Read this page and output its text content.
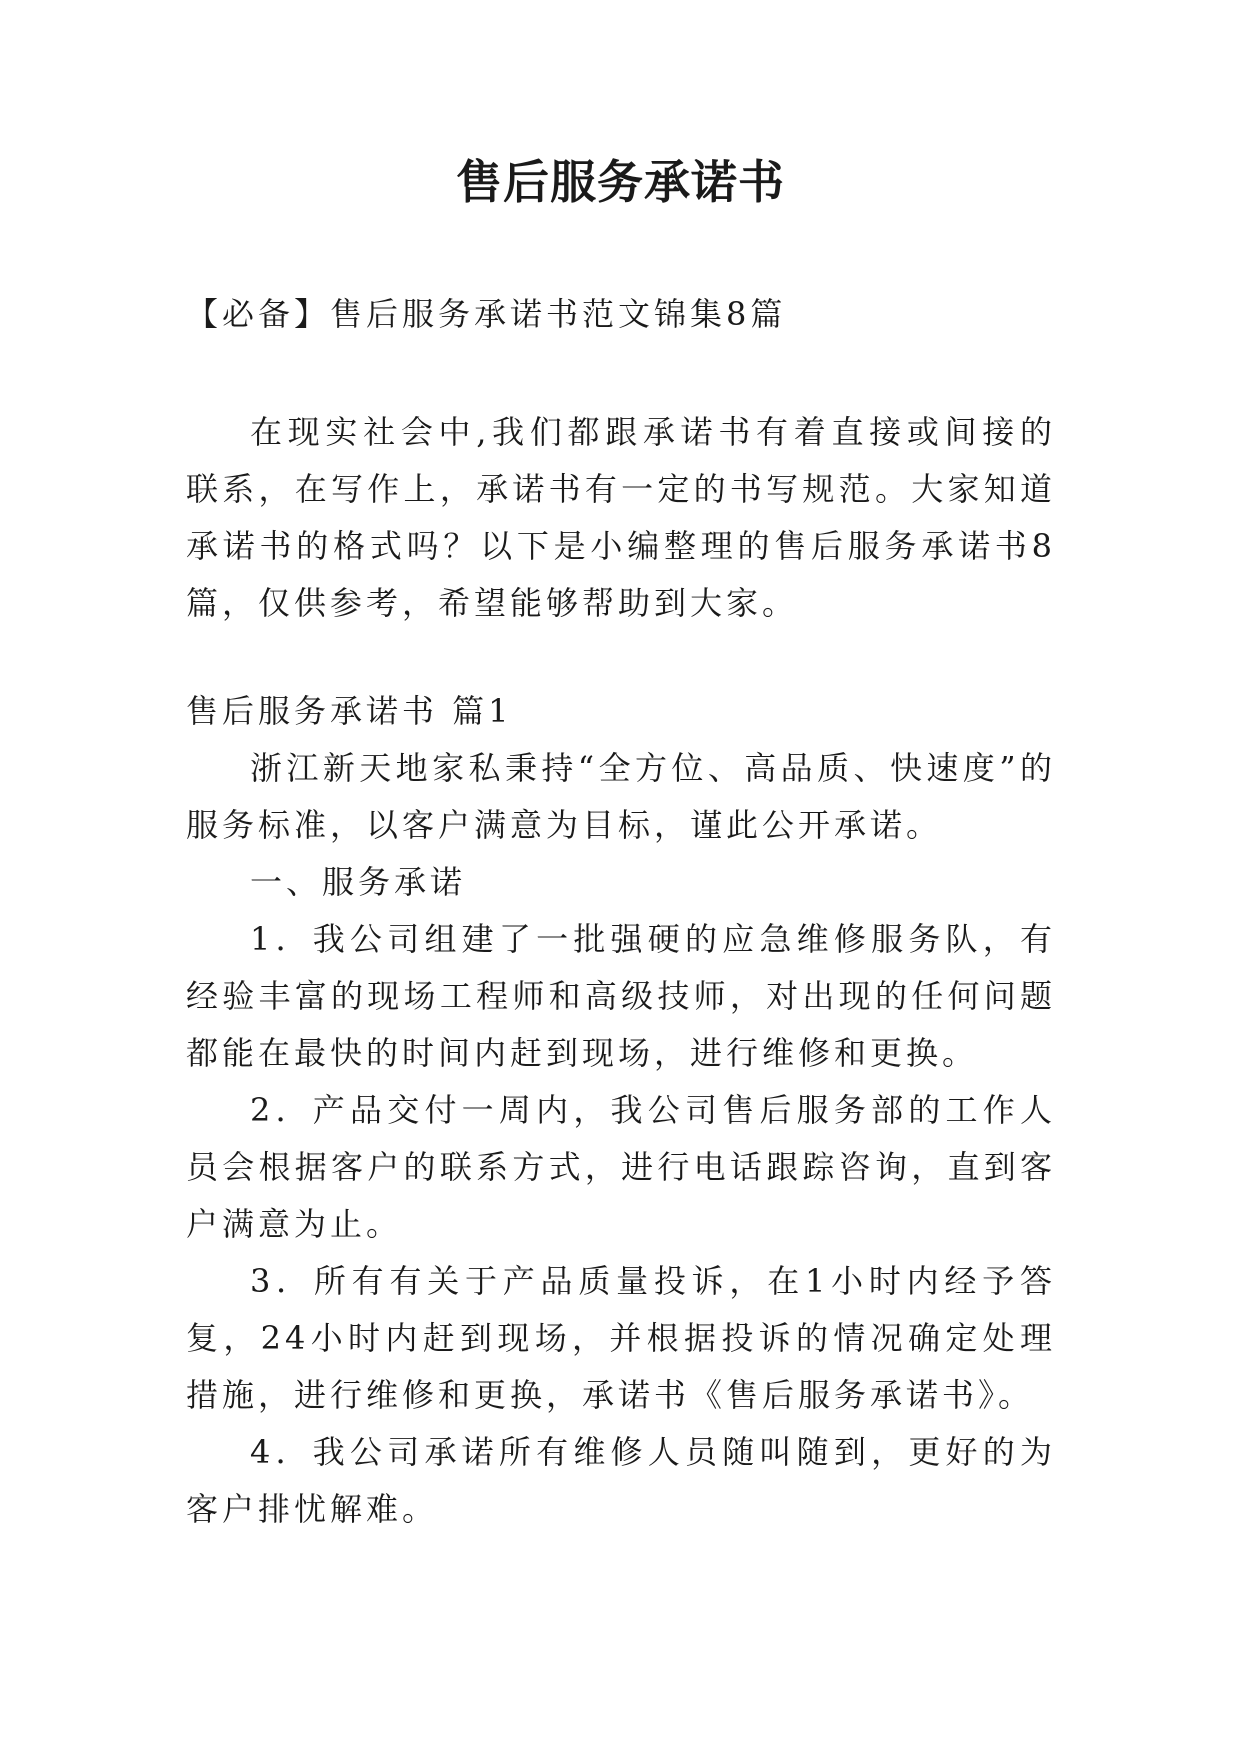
售后服务承诺书

【必备】售后服务承诺书范文锦集8篇

在现实社会中,我们都跟承诺书有着直接或间接的联系，在写作上，承诺书有一定的书写规范。大家知道承诺书的格式吗？以下是小编整理的售后服务承诺书8篇，仅供参考，希望能够帮助到大家。

售后服务承诺书 篇1

浙江新天地家私秉持“全方位、高品质、快速度”的服务标准，以客户满意为目标，谨此公开承诺。

一、服务承诺

1．我公司组建了一批强硬的应急维修服务队，有经验丰富的现场工程师和高级技师，对出现的任何问题都能在最快的时间内赶到现场，进行维修和更换。

2．产品交付一周内，我公司售后服务部的工作人员会根据客户的联系方式，进行电话跟踪咨询，直到客户满意为止。

3．所有有关于产品质量投诉，在1小时内经予答复，24小时内赶到现场，并根据投诉的情况确定处理措施，进行维修和更换，承诺书《售后服务承诺书》。

4．我公司承诺所有维修人员随叫随到，更好的为客户排忧解难。
